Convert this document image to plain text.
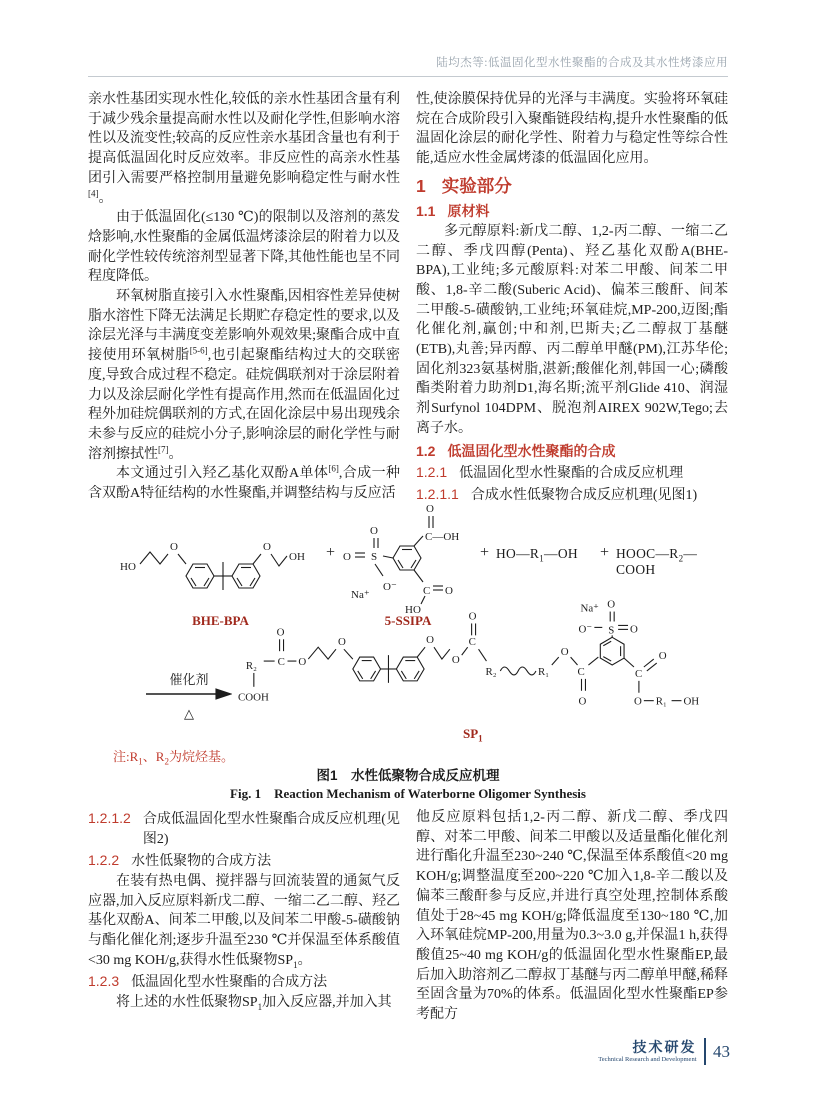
陆均杰等:低温固化型水性聚酯的合成及其水性烤漆应用

亲水性基团实现水性化,较低的亲水性基团含量有利于减少残余量提高耐水性以及耐化学性,但影响水溶性以及流变性;较高的反应性亲水基团含量也有利于提高低温固化时反应效率。非反应性的高亲水性基团引入需要严格控制用量避免影响稳定性与耐水性[4]。

由于低温固化(≤130 ℃)的限制以及溶剂的蒸发焓影响,水性聚酯的金属低温烤漆涂层的附着力以及耐化学性较传统溶剂型显著下降,其他性能也呈不同程度降低。

环氧树脂直接引入水性聚酯,因相容性差异使树脂水溶性下降无法满足长期贮存稳定性的要求,以及涂层光泽与丰满度变差影响外观效果;聚酯合成中直接使用环氧树脂[5-6],也引起聚酯结构过大的交联密度,导致合成过程不稳定。硅烷偶联剂对于涂层附着力以及涂层耐化学性有提高作用,然而在低温固化过程外加硅烷偶联剂的方式,在固化涂层中易出现残余未参与反应的硅烷小分子,影响涂层的耐化学性与耐溶剂擦拭性[7]。

本文通过引入羟乙基化双酚A单体[6],合成一种含双酚A特征结构的水性聚酯,并调整结构与反应活

性,使涂膜保持优异的光泽与丰满度。实验将环氧硅烷在合成阶段引入聚酯链段结构,提升水性聚酯的低温固化涂层的耐化学性、附着力与稳定性等综合性能,适应水性金属烤漆的低温固化应用。

1 实验部分
1.1 原材料

多元醇原料:新戊二醇、1,2-丙二醇、一缩二乙二醇、季戊四醇(Penta)、羟乙基化双酚A(BHE-BPA),工业纯;多元酸原料:对苯二甲酸、间苯二甲酸、1,8-辛二酸(Suberic Acid)、偏苯三酸酐、间苯二甲酸-5-磺酸钠,工业纯;环氧硅烷,MP-200,迈图;酯化催化剂,赢创;中和剂,巴斯夫;乙二醇叔丁基醚(ETB),丸善;异丙醇、丙二醇单甲醚(PM),江苏华伦;固化剂323氨基树脂,湛新;酸催化剂,韩国一心;磷酸酯类附着力助剂D1,海名斯;流平剂Glide 410、润湿剂Surfynol 104DPM、脱泡剂AIREX 902W,Tego;去离子水。

1.2 低温固化型水性聚酯的合成
1.2.1 低温固化型水性聚酯的合成反应机理
1.2.1.1 合成水性低聚物合成反应机理(见图1)
HO
O	O
OH
BHE-BPA
+
C—OH
O
S
O
O
O⁻
Na⁺	C O
HO
5-SSIPA
+ $HO—R_1—OH$ + $HOOC—R_2—COOH$
催化剂
△
R₂
COOH
C
O
O
O	O
O
C
O
R₂	R₁
O
C
O
S
O
Na⁺
O
O⁻
C
O
O R₁ OH
$SP_1$
注$:R_1$、$R_2$为烷烃基。
图1　水性低聚物合成反应机理
Fig. 1　Reaction Mechanism of Waterborne Oligomer Synthesis
1.2.1.2 合成低温固化型水性聚酯合成反应机理(见图2)
1.2.2 水性低聚物的合成方法

在装有热电偶、搅拌器与回流装置的通氮气反应器,加入反应原料新戊二醇、一缩二乙二醇、羟乙基化双酚A、间苯二甲酸,以及间苯二甲酸-5-磺酸钠与酯化催化剂;逐步升温至230 ℃并保温至体系酸值<30 mg KOH/g,获得水性低聚物$SP_1$。

1.2.3 低温固化型水性聚酯的合成方法

将上述的水性低聚物$SP_1$加入反应器,并加入其

他反应原料包括1,2-丙二醇、新戊二醇、季戊四醇、对苯二甲酸、间苯二甲酸以及适量酯化催化剂进行酯化升温至230~240 ℃,保温至体系酸值<20 mg KOH/g;调整温度至200~220 ℃加入1,8-辛二酸以及偏苯三酸酐参与反应,并进行真空处理,控制体系酸值处于28~45 mg KOH/g;降低温度至130~180 ℃,加入环氧硅烷MP-200,用量为0.3~3.0 g,并保温1 h,获得酸值25~40 mg KOH/g的低温固化型水性聚酯EP,最后加入助溶剂乙二醇叔丁基醚与丙二醇单甲醚,稀释至固含量为70%的体系。低温固化型水性聚酯EP参考配方

技术研发
Technical Research and Development 43
